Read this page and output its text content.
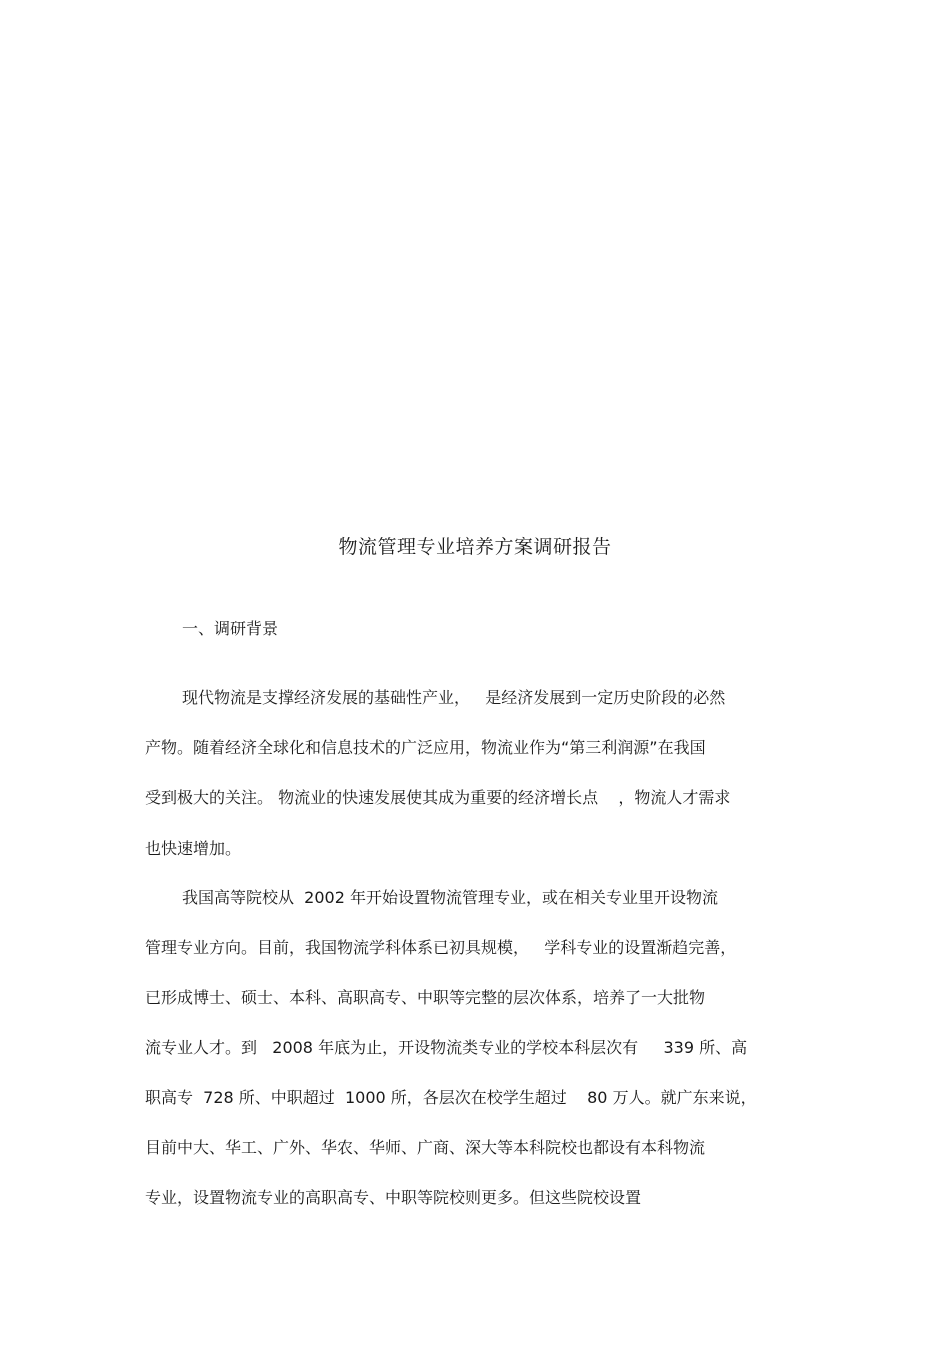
物流管理专业培养方案调研报告
一、调研背景
现代物流是支撑经济发展的基础性产业，   是经济发展到一定历史阶段的必然
产物。随着经济全球化和信息技术的广泛应用，物流业作为“第三利润源”在我国
受到极大的关注。 物流业的快速发展使其成为重要的经济增长点    ，物流人才需求
也快速增加。
我国高等院校从  2002 年开始设置物流管理专业，或在相关专业里开设物流
管理专业方向。目前，我国物流学科体系已初具规模，   学科专业的设置渐趋完善，
已形成博士、硕士、本科、高职高专、中职等完整的层次体系，培养了一大批物
流专业人才。到   2008 年底为止，开设物流类专业的学校本科层次有     339 所、高
职高专  728 所、中职超过  1000 所，各层次在校学生超过    80 万人。就广东来说，
目前中大、华工、广外、华农、华师、广商、深大等本科院校也都设有本科物流
专业，设置物流专业的高职高专、中职等院校则更多。但这些院校设置
